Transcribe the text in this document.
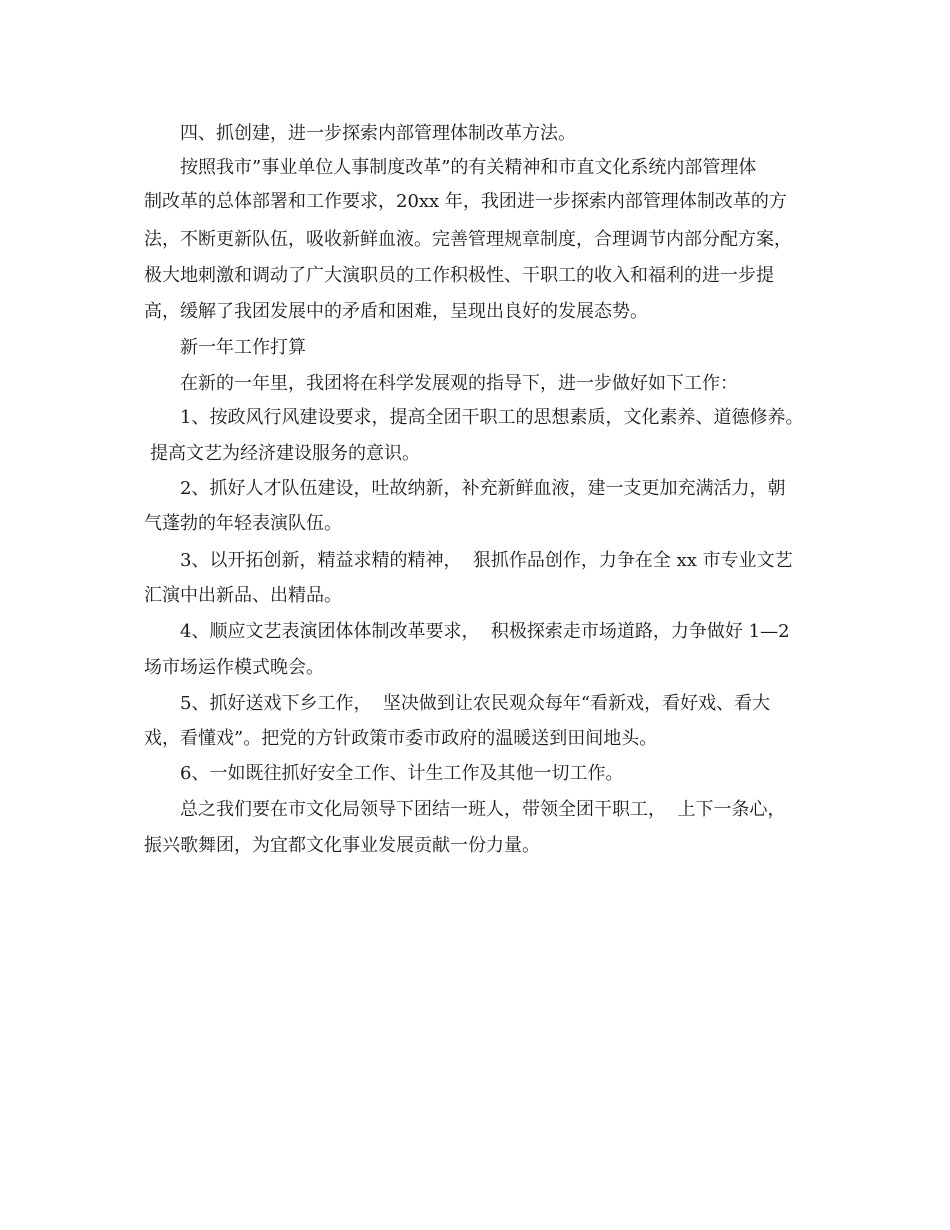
四、抓创建，进一步探索内部管理体制改革方法。

按照我市”事业单位人事制度改革”的有关精神和市直文化系统内部管理体

制改革的总体部署和工作要求，20xx 年，我团进一步探索内部管理体制改革的方

法，不断更新队伍，吸收新鲜血液。完善管理规章制度，合理调节内部分配方案，

极大地刺激和调动了广大演职员的工作积极性、干职工的收入和福利的进一步提

高，缓解了我团发展中的矛盾和困难，呈现出良好的发展态势。

新一年工作打算

在新的一年里，我团将在科学发展观的指导下，进一步做好如下工作：

1、按政风行风建设要求，提高全团干职工的思想素质，文化素养、道德修养。

提高文艺为经济建设服务的意识。

2、抓好人才队伍建设，吐故纳新，补充新鲜血液，建一支更加充满活力，朝

气蓬勃的年轻表演队伍。

3、以开拓创新，精益求精的精神，  狠抓作品创作，力争在全 xx 市专业文艺

汇演中出新品、出精品。

4、顺应文艺表演团体体制改革要求，  积极探索走市场道路，力争做好 1—2

场市场运作模式晚会。

5、抓好送戏下乡工作，  坚决做到让农民观众每年“看新戏，看好戏、看大

戏，看懂戏”。把党的方针政策市委市政府的温暖送到田间地头。

6、一如既往抓好安全工作、计生工作及其他一切工作。

总之我们要在市文化局领导下团结一班人，带领全团干职工，  上下一条心，

振兴歌舞团，为宜都文化事业发展贡献一份力量。
